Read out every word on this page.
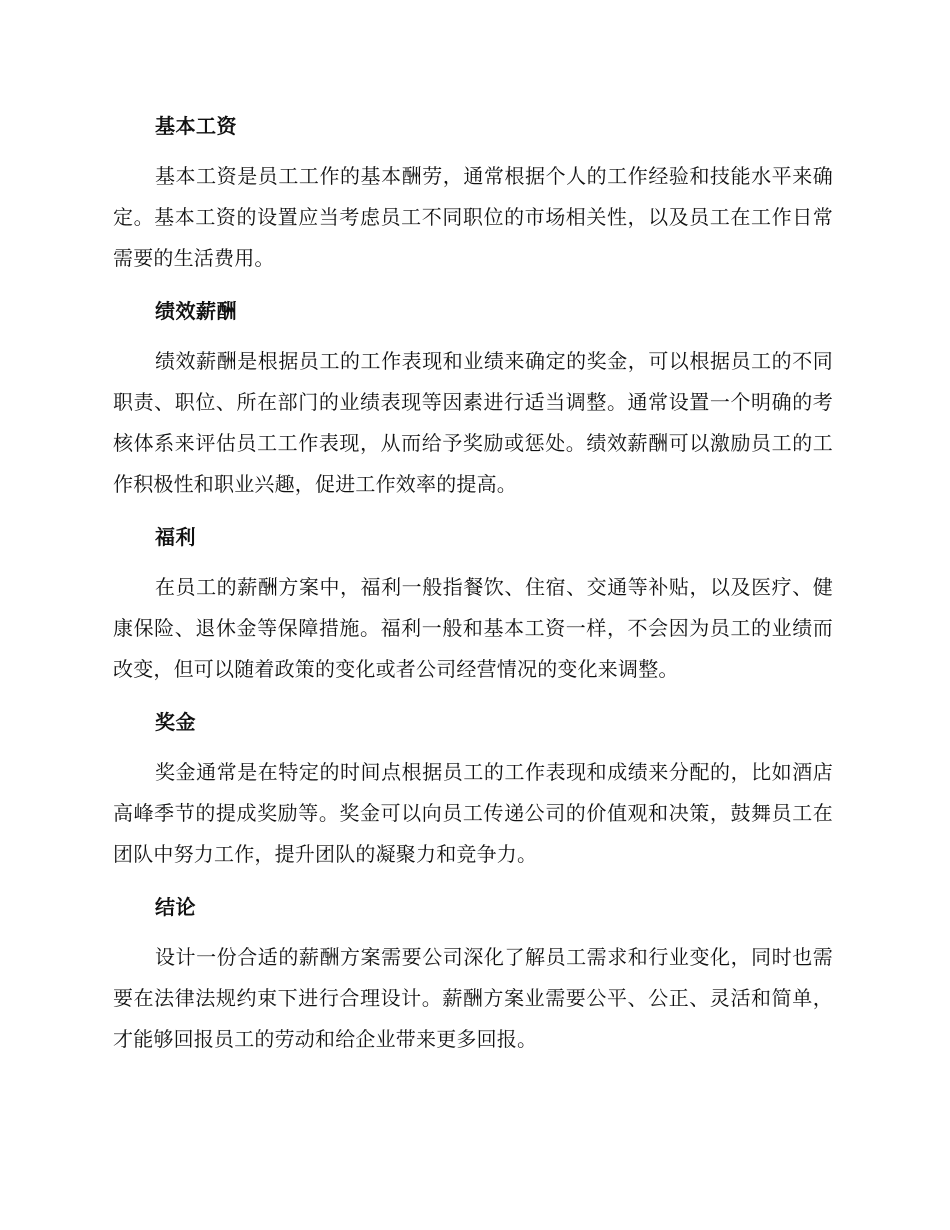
基本工资
基本工资是员工工作的基本酬劳，通常根据个人的工作经验和技能水平来确定。基本工资的设置应当考虑员工不同职位的市场相关性，以及员工在工作日常需要的生活费用。
绩效薪酬
绩效薪酬是根据员工的工作表现和业绩来确定的奖金，可以根据员工的不同职责、职位、所在部门的业绩表现等因素进行适当调整。通常设置一个明确的考核体系来评估员工工作表现，从而给予奖励或惩处。绩效薪酬可以激励员工的工作积极性和职业兴趣，促进工作效率的提高。
福利
在员工的薪酬方案中，福利一般指餐饮、住宿、交通等补贴，以及医疗、健康保险、退休金等保障措施。福利一般和基本工资一样，不会因为员工的业绩而改变，但可以随着政策的变化或者公司经营情况的变化来调整。
奖金
奖金通常是在特定的时间点根据员工的工作表现和成绩来分配的，比如酒店高峰季节的提成奖励等。奖金可以向员工传递公司的价值观和决策，鼓舞员工在团队中努力工作，提升团队的凝聚力和竞争力。
结论
设计一份合适的薪酬方案需要公司深化了解员工需求和行业变化，同时也需要在法律法规约束下进行合理设计。薪酬方案业需要公平、公正、灵活和简单，才能够回报员工的劳动和给企业带来更多回报。
